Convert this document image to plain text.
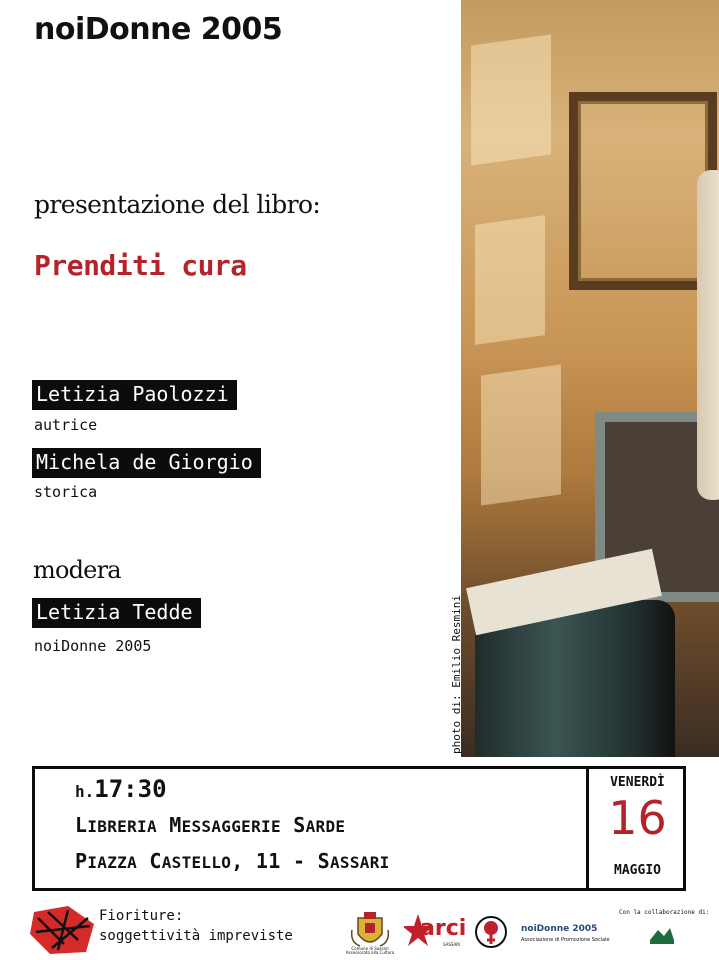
noiDonne 2005
presentazione del libro:
Prenditi cura
Letizia Paolozzi
autrice
Michela de Giorgio
storica
modera
Letizia Tedde
noiDonne 2005	photo di: Emilio Resmini
h.17:30
LIBRERIA MESSAGGERIE SARDE
PIAZZA CASTELLO, 11 - SASSARI
VENERDÌ
16
MAGGIO
Fioriture:
soggettività impreviste
Comune di Sassari
Assessorato alla Cultura
arci
SASSARI
noiDonne 2005
Associazione di Promozione Sociale
Con la collaborazione di:
